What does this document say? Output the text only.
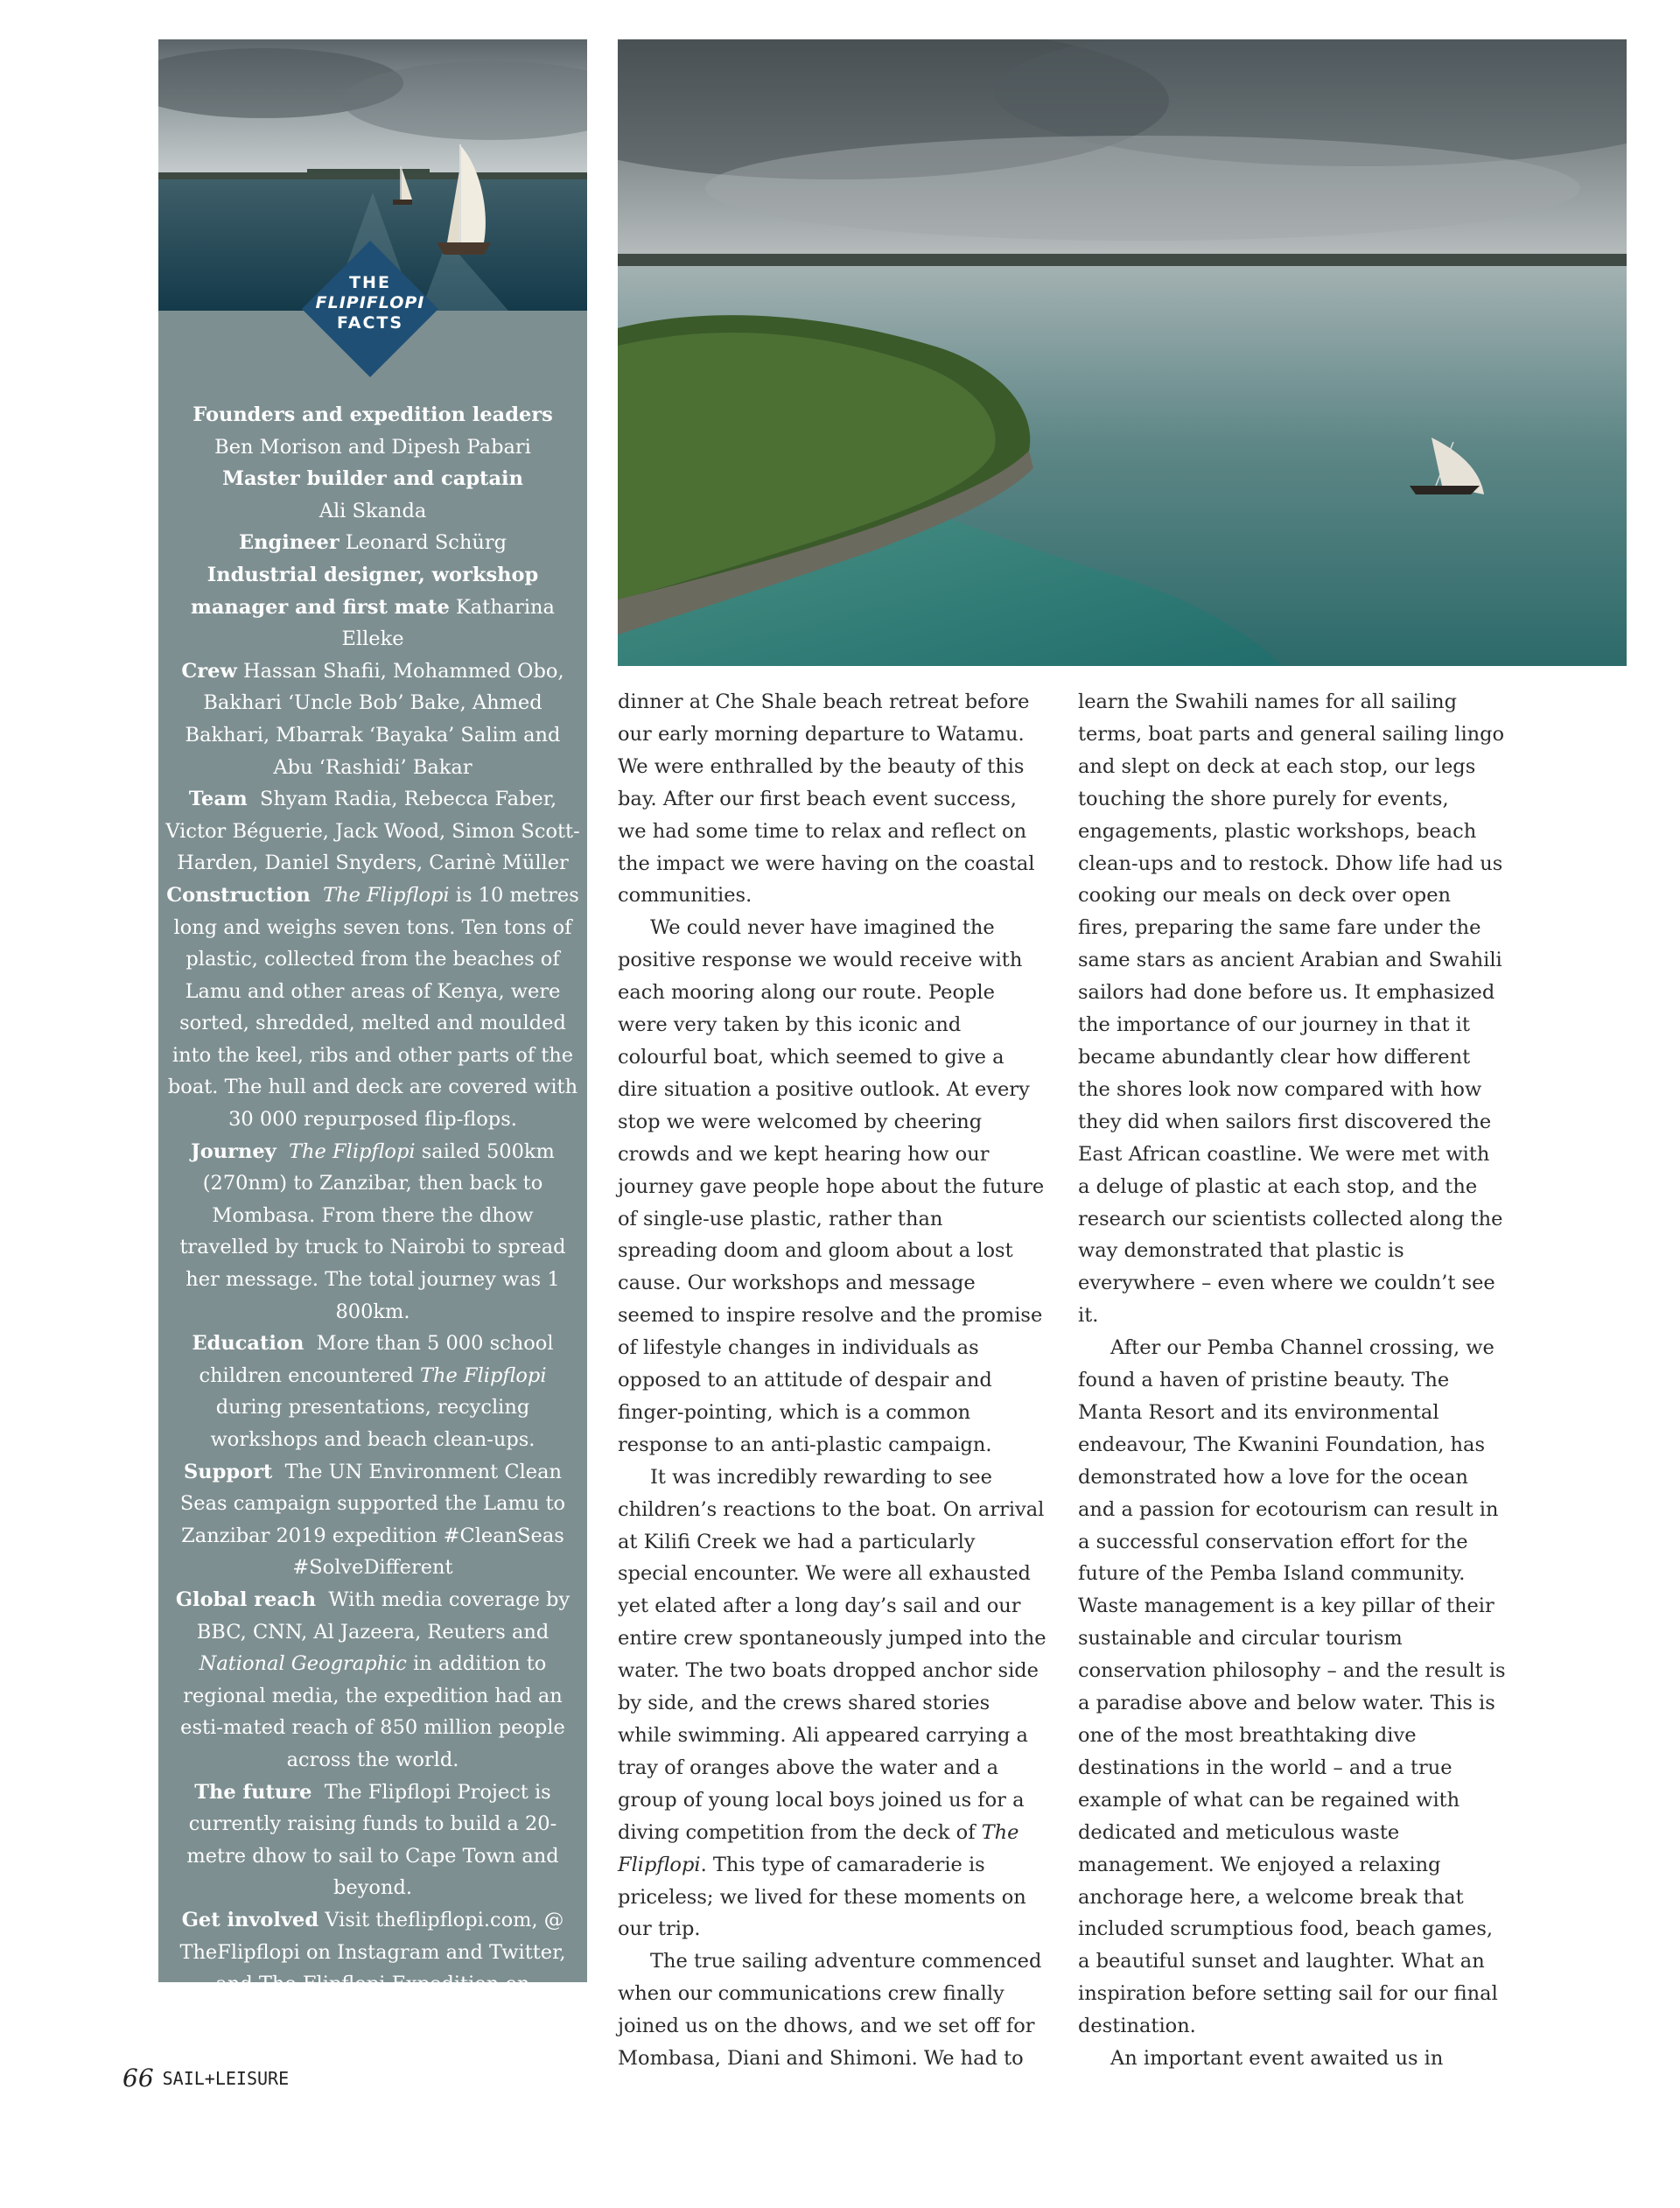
THE
FLIPIFLOPI
FACTS
Founders and expedition leaders
Ben Morison and Dipesh Pabari
Master builder and captain
Ali Skanda
Engineer Leonard Schürg
Industrial designer, workshop manager and first mate Katharina Elleke
Crew Hassan Shafii, Mohammed Obo, Bakhari ‘Uncle Bob’ Bake, Ahmed Bakhari, Mbarrak ‘Bayaka’ Salim and Abu ‘Rashidi’ Bakar
Team Shyam Radia, Rebecca Faber, Victor Béguerie, Jack Wood, Simon Scott-Harden, Daniel Snyders, Carinè Müller
Construction The Flipflopi is 10 metres long and weighs seven tons. Ten tons of plastic, collected from the beaches of Lamu and other areas of Kenya, were sorted, shredded, melted and moulded into the keel, ribs and other parts of the boat. The hull and deck are covered with 30 000 repurposed flip-flops.
Journey The Flipflopi sailed 500km (270nm) to Zanzibar, then back to Mombasa. From there the dhow travelled by truck to Nairobi to spread her message. The total journey was 1 800km.
Education More than 5 000 school children encountered The Flipflopi during presentations, recycling workshops and beach clean-ups.
Support The UN Environment Clean Seas campaign supported the Lamu to Zanzibar 2019 expedition #CleanSeas #SolveDifferent
Global reach With media coverage by BBC, CNN, Al Jazeera, Reuters and National Geographic in addition to regional media, the expedition had an esti-mated reach of 850 million people across the world.
The future The Flipflopi Project is currently raising funds to build a 20-metre dhow to sail to Cape Town and beyond.
Get involved Visit theflipflopi.com, @ TheFlipflopi on Instagram and Twitter, and The Flipflopi Expedition on Facebook #plasticrevolution

dinner at Che Shale beach retreat before our early morning departure to Watamu. We were enthralled by the beauty of this bay. After our first beach event success, we had some time to relax and reflect on the impact we were having on the coastal communities.

We could never have imagined the positive response we would receive with each mooring along our route. People were very taken by this iconic and colourful boat, which seemed to give a dire situation a positive outlook. At every stop we were welcomed by cheering crowds and we kept hearing how our journey gave people hope about the future of single-use plastic, rather than spreading doom and gloom about a lost cause. Our workshops and message seemed to inspire resolve and the promise of lifestyle changes in individuals as opposed to an attitude of despair and finger-pointing, which is a common response to an anti-plastic campaign.

It was incredibly rewarding to see children’s reactions to the boat. On arrival at Kilifi Creek we had a particularly special encounter. We were all exhausted yet elated after a long day’s sail and our entire crew spontaneously jumped into the water. The two boats dropped anchor side by side, and the crews shared stories while swimming. Ali appeared carrying a tray of oranges above the water and a group of young local boys joined us for a diving competition from the deck of The Flipflopi. This type of camaraderie is priceless; we lived for these moments on our trip.

The true sailing adventure commenced when our communications crew finally joined us on the dhows, and we set off for Mombasa, Diani and Shimoni. We had to

learn the Swahili names for all sailing terms, boat parts and general sailing lingo and slept on deck at each stop, our legs touching the shore purely for events, engagements, plastic workshops, beach clean-ups and to restock. Dhow life had us cooking our meals on deck over open fires, preparing the same fare under the same stars as ancient Arabian and Swahili sailors had done before us. It emphasized the importance of our journey in that it became abundantly clear how different the shores look now compared with how they did when sailors first discovered the East African coastline. We were met with a deluge of plastic at each stop, and the research our scientists collected along the way demonstrated that plastic is everywhere – even where we couldn’t see it.

After our Pemba Channel crossing, we found a haven of pristine beauty. The Manta Resort and its environmental endeavour, The Kwanini Foundation, has demonstrated how a love for the ocean and a passion for ecotourism can result in a successful conservation effort for the future of the Pemba Island community. Waste management is a key pillar of their sustainable and circular tourism conservation philosophy – and the result is a paradise above and below water. This is one of the most breathtaking dive destinations in the world – and a true example of what can be regained with dedicated and meticulous waste management. We enjoyed a relaxing anchorage here, a welcome break that included scrumptious food, beach games, a beautiful sunset and laughter. What an inspiration before setting sail for our final destination.

An important event awaited us in

66 SAIL+LEISURE
